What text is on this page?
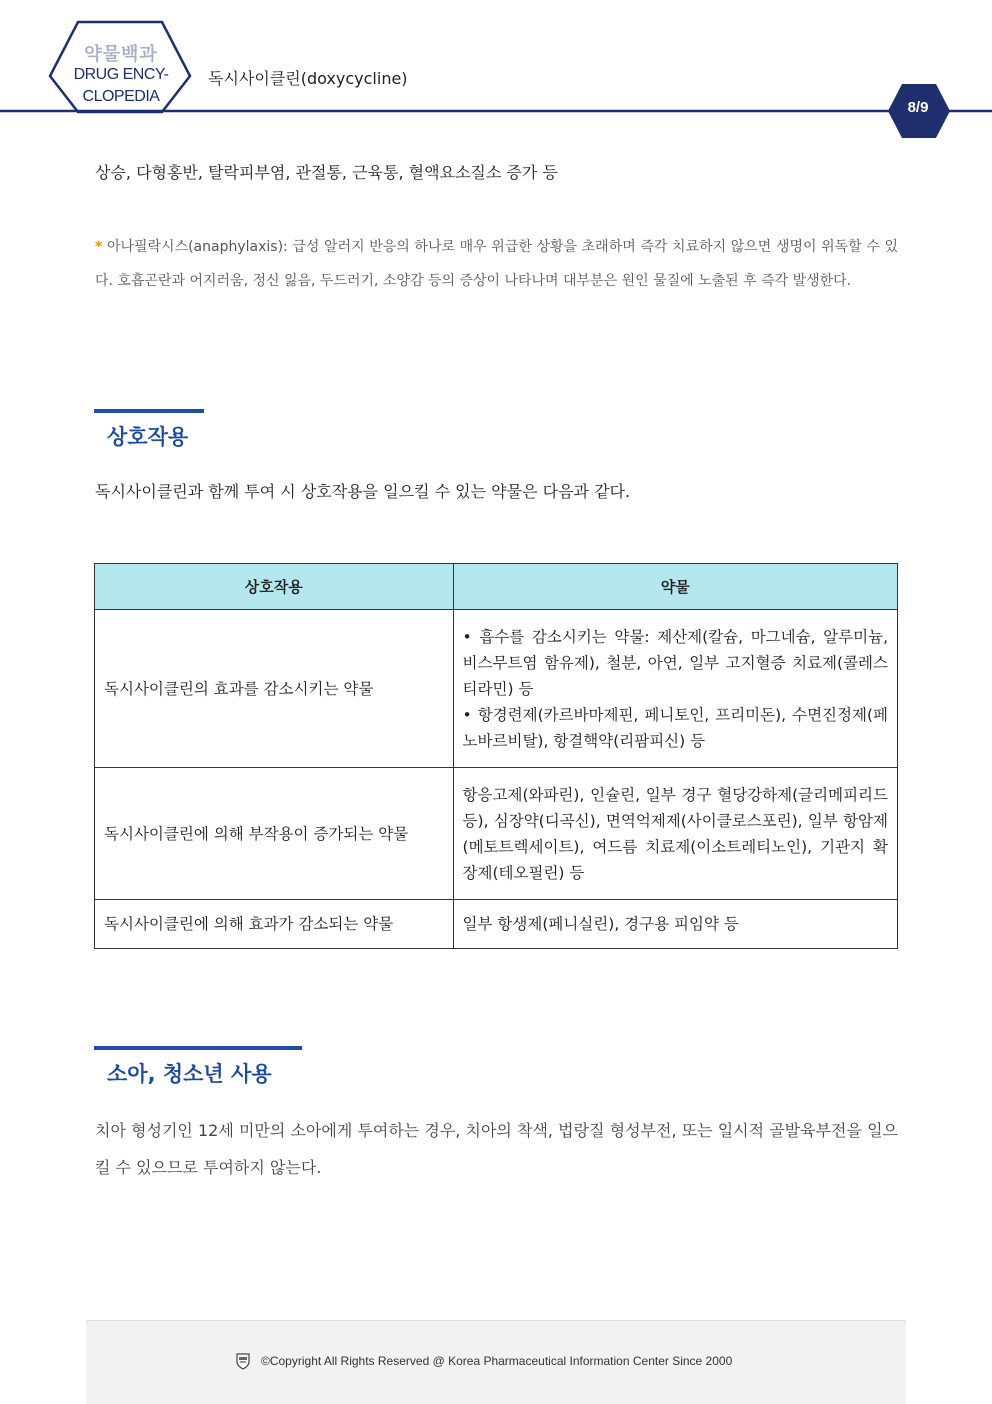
약물백과
DRUG ENCY-
CLOPEDIA
독시사이클린(doxycycline)
8/9
상승, 다형홍반, 탈락피부염, 관절통, 근육통, 혈액요소질소 증가 등
* 아나필락시스(anaphylaxis): 급성 알러지 반응의 하나로 매우 위급한 상황을 초래하며 즉각 치료하지 않으면 생명이 위독할 수 있다. 호흡곤란과 어지러움, 정신 잃음, 두드러기, 소양감 등의 증상이 나타나며 대부분은 원인 물질에 노출된 후 즉각 발생한다.
상호작용
독시사이클린과 함께 투여 시 상호작용을 일으킬 수 있는 약물은 다음과 같다.
상호작용	약물
독시사이클린의 효과를 감소시키는 약물	• 흡수를 감소시키는 약물: 제산제(칼슘, 마그네슘, 알루미늄, 비스무트염 함유제), 철분, 아연, 일부 고지혈증 치료제(콜레스티라민) 등
• 항경련제(카르바마제핀, 페니토인, 프리미돈), 수면진정제(페노바르비탈), 항결핵약(리팜피신) 등

독시사이클린에 의해 부작용이 증가되는 약물	항응고제(와파린), 인슐린, 일부 경구 혈당강하제(글리메피리드 등), 심장약(디곡신), 면역억제제(사이클로스포린), 일부 항암제(메토트렉세이트), 여드름 치료제(이소트레티노인), 기관지 확장제(테오필린) 등

독시사이클린에 의해 효과가 감소되는 약물	일부 항생제(페니실린), 경구용 피임약 등
소아, 청소년 사용
치아 형성기인 12세 미만의 소아에게 투여하는 경우, 치아의 착색, 법랑질 형성부전, 또는 일시적 골발육부전을 일으킬 수 있으므로 투여하지 않는다.
©Copyright All Rights Reserved @ Korea Pharmaceutical Information Center Since 2000
